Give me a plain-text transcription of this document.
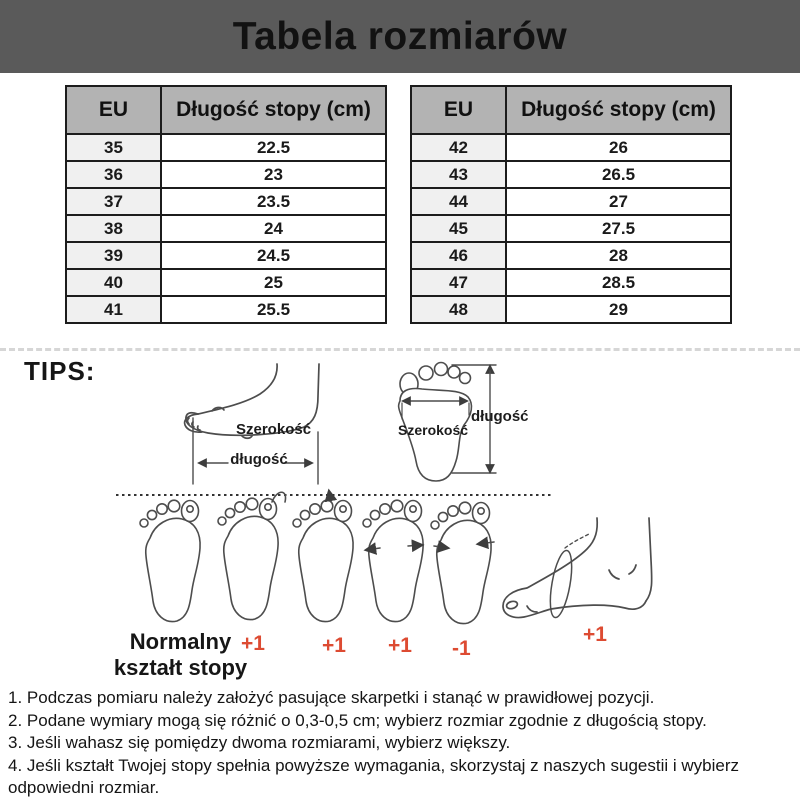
Tabela rozmiarów
EU	Długość stopy (cm)
35	22.5
36	23
37	23.5
38	24
39	24.5
40	25
41	25.5
EU	Długość stopy (cm)
42	26
43	26.5
44	27
45	27.5
46	28
47	28.5
48	29
TIPS:
Szerokość
długość
Szerokość
długość
Normalny
kształt stopy
+1	+1 +1 -1
+1
1. Podczas pomiaru należy założyć pasujące skarpetki i stanąć w prawidłowej pozycji.
2. Podane wymiary mogą się różnić o 0,3-0,5 cm; wybierz rozmiar zgodnie z długością stopy.
3. Jeśli wahasz się pomiędzy dwoma rozmiarami, wybierz większy.
4. Jeśli kształt Twojej stopy spełnia powyższe wymagania, skorzystaj z naszych sugestii i wybierz odpowiedni rozmiar.
